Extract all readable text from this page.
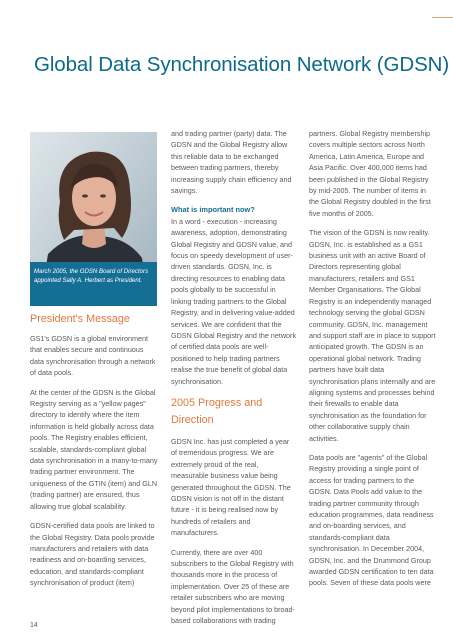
Global Data Synchronisation Network (GDSN)

March 2005, the GDSN Board of Directors appointed Sally A. Herbert as President.

President's Message

GS1's GDSN is a global environment that enables secure and continuous data synchronisation through a network of data pools.

At the center of the GDSN is the Global Registry serving as a "yellow pages" directory to identify where the item information is held globally across data pools. The Registry enables efficient, scalable, standards-compliant global data synchronisation in a many-to-many trading partner environment. The uniqueness of the GTIN (item) and GLN (trading partner) are ensured, thus allowing true global scalability.

GDSN-certified data pools are linked to the Global Registry. Data pools provide manufacturers and retailers with data readiness and on-boarding services, education, and standards-compliant synchronisation of product (item)

and trading partner (party) data. The GDSN and the Global Registry allow this reliable data to be exchanged between trading partners, thereby increasing supply chain efficiency and savings.

What is important now?

In a word - execution - increasing awareness, adoption, demonstrating Global Registry and GDSN value, and focus on speedy development of user-driven standards. GDSN, Inc. is directing resources to enabling data pools globally to be successful in linking trading partners to the Global Registry, and in delivering value-added services. We are confident that the GDSN Global Registry and the network of certified data pools are well-positioned to help trading partners realise the true benefit of global data synchronisation.

2005 Progress and Direction

GDSN Inc. has just completed a year of tremendous progress. We are extremely proud of the real, measurable business value being generated throughout the GDSN. The GDSN vision is not off in the distant future - it is being realised now by hundreds of retailers and manufacturers.

Currently, there are over 400 subscribers to the Global Registry with thousands more in the process of implementation. Over 25 of these are retailer subscribers who are moving beyond pilot implementations to broad-based collaborations with trading

partners. Global Registry membership covers multiple sectors across North America, Latin America, Europe and Asia Pacific. Over 400,000 items had been published in the Global Registry by mid-2005. The number of items in the Global Registry doubled in the first five months of 2005.

The vision of the GDSN is now reality. GDSN, Inc. is established as a GS1 business unit with an active Board of Directors representing global manufacturers, retailers and GS1 Member Organisations. The Global Registry is an independently managed technology serving the global GDSN community. GDSN, Inc. management and support staff are in place to support anticipated growth. The GDSN is an operational global network. Trading partners have built data synchronisation plans internally and are aligning systems and processes behind their firewalls to enable data synchronisation as the foundation for other collaborative supply chain activities.

Data pools are "agents" of the Global Registry providing a single point of access for trading partners to the GDSN. Data Pools add value to the trading partner community through education programmes, data readiness and on-boarding services, and standards-compliant data synchronisation. In December 2004, GDSN, Inc. and the Drummond Group awarded GDSN certification to ten data pools. Seven of these data pools were

14
